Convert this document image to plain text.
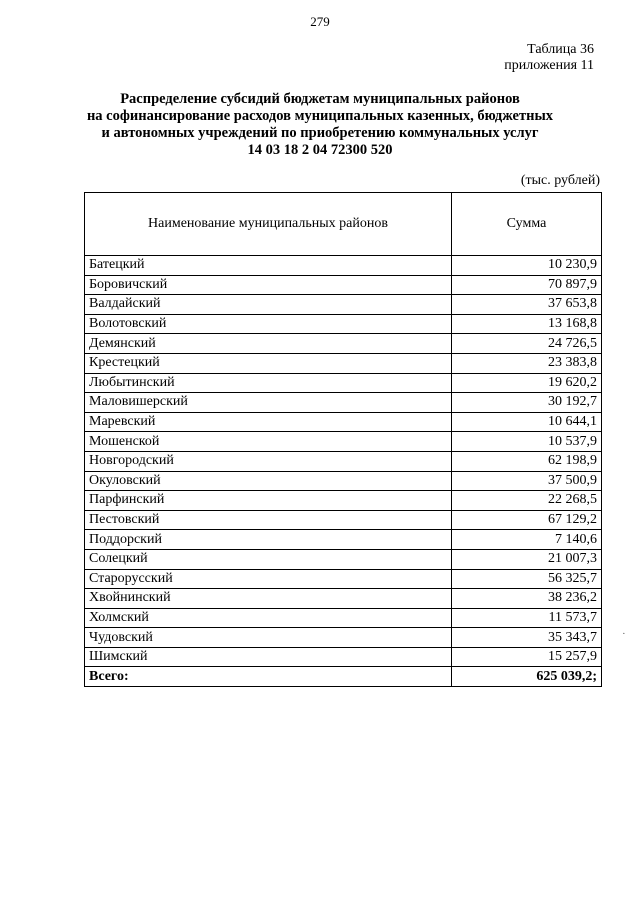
279
Таблица 36
приложения 11
Распределение субсидий бюджетам муниципальных районов
на софинансирование расходов муниципальных казенных, бюджетных
и автономных учреждений по приобретению коммунальных услуг
14 03 18 2 04 72300 520
(тыс. рублей)
Наименование муниципальных районов	Сумма
Батецкий	10 230,9
Боровичский	70 897,9
Валдайский	37 653,8
Волотовский	13 168,8
Демянский	24 726,5
Крестецкий	23 383,8
Любытинский	19 620,2
Маловишерский	30 192,7
Маревский	10 644,1
Мошенской	10 537,9
Новгородский	62 198,9
Окуловский	37 500,9
Парфинский	22 268,5
Пестовский	67 129,2
Поддорский	7 140,6
Солецкий	21 007,3
Старорусский	56 325,7
Хвойнинский	38 236,2
Холмский	11 573,7
Чудовский	35 343,7
Шимский	15 257,9
Всего:	625 039,2;
·
